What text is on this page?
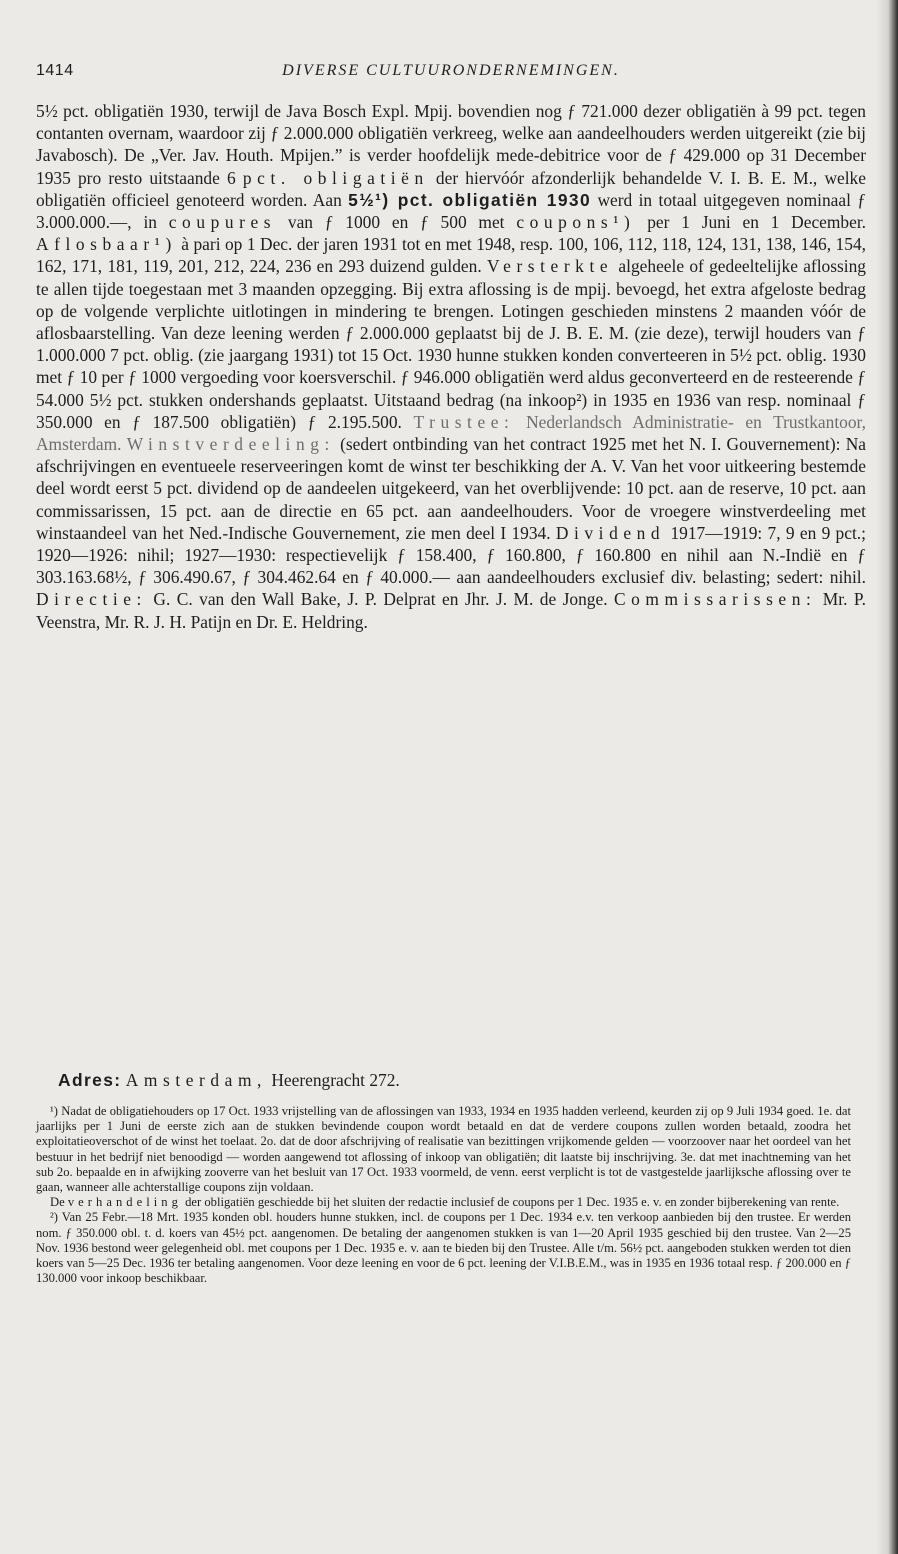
1414	DIVERSE CULTUURONDERNEMINGEN.

5½ pct. obligatiën 1930, terwijl de Java Bosch Expl. Mpij. bovendien nog ƒ 721.000 dezer obligatiën à 99 pct. tegen contanten overnam, waardoor zij ƒ 2.000.000 obligatiën verkreeg, welke aan aandeelhouders werden uitgereikt (zie bij Javabosch). De „Ver. Jav. Houth. Mpijen.” is verder hoofdelijk mede-debitrice voor de ƒ 429.000 op 31 December 1935 pro resto uitstaande 6 pct. obligatiën der hiervóór afzonderlijk behandelde V. I. B. E. M., welke obligatiën officieel genoteerd worden. Aan 5½¹) pct. obligatiën 1930 werd in totaal uitgegeven nominaal ƒ 3.000.000.—, in coupures van ƒ 1000 en ƒ 500 met coupons¹) per 1 Juni en 1 December. Aflosbaar¹) à pari op 1 Dec. der jaren 1931 tot en met 1948, resp. 100, 106, 112, 118, 124, 131, 138, 146, 154, 162, 171, 181, 119, 201, 212, 224, 236 en 293 duizend gulden. Versterkte algeheele of gedeeltelijke aflossing te allen tijde toegestaan met 3 maanden opzegging. Bij extra aflossing is de mpij. bevoegd, het extra afgeloste bedrag op de volgende verplichte uitlotingen in mindering te brengen. Lotingen geschieden minstens 2 maanden vóór de aflosbaarstelling. Van deze leening werden ƒ 2.000.000 geplaatst bij de J. B. E. M. (zie deze), terwijl houders van ƒ 1.000.000 7 pct. oblig. (zie jaargang 1931) tot 15 Oct. 1930 hunne stukken konden converteeren in 5½ pct. oblig. 1930 met ƒ 10 per ƒ 1000 vergoeding voor koersverschil. ƒ 946.000 obligatiën werd aldus geconverteerd en de resteerende ƒ 54.000 5½ pct. stukken ondershands geplaatst. Uitstaand bedrag (na inkoop²) in 1935 en 1936 van resp. nominaal ƒ 350.000 en ƒ 187.500 obligatiën) ƒ 2.195.500. Trustee: Nederlandsch Administratie- en Trustkantoor, Amsterdam. Winstverdeeling: (sedert ontbinding van het contract 1925 met het N. I. Gouvernement): Na afschrijvingen en eventueele reserveeringen komt de winst ter beschikking der A. V. Van het voor uitkeering bestemde deel wordt eerst 5 pct. dividend op de aandeelen uitgekeerd, van het overblijvende: 10 pct. aan de reserve, 10 pct. aan commissarissen, 15 pct. aan de directie en 65 pct. aan aandeelhouders. Voor de vroegere winstverdeeling met winstaandeel van het Ned.-Indische Gouvernement, zie men deel I 1934. Dividend 1917—1919: 7, 9 en 9 pct.; 1920—1926: nihil; 1927—1930: respectievelijk ƒ 158.400, ƒ 160.800, ƒ 160.800 en nihil aan N.-Indië en ƒ 303.163.68½, ƒ 306.490.67, ƒ 304.462.64 en ƒ 40.000.— aan aandeelhouders exclusief div. belasting; sedert: nihil. Directie: G. C. van den Wall Bake, J. P. Delprat en Jhr. J. M. de Jonge. Commissarissen: Mr. P. Veenstra, Mr. R. J. H. Patijn en Dr. E. Heldring.

Adres: Amsterdam, Heerengracht 272.

¹) Nadat de obligatiehouders op 17 Oct. 1933 vrijstelling van de aflossingen van 1933, 1934 en 1935 hadden verleend, keurden zij op 9 Juli 1934 goed. 1e. dat jaarlijks per 1 Juni de eerste zich aan de stukken bevindende coupon wordt betaald en dat de verdere coupons zullen worden betaald, zoodra het exploitatieoverschot of de winst het toelaat. 2o. dat de door afschrijving of realisatie van bezittingen vrijkomende gelden — voorzoover naar het oordeel van het bestuur in het bedrijf niet benoodigd — worden aangewend tot aflossing of inkoop van obligatiën; dit laatste bij inschrijving. 3e. dat met inachtneming van het sub 2o. bepaalde en in afwijking zooverre van het besluit van 17 Oct. 1933 voormeld, de venn. eerst verplicht is tot de vastgestelde jaarlijksche aflossing over te gaan, wanneer alle achterstallige coupons zijn voldaan.

De verhandeling der obligatiën geschiedde bij het sluiten der redactie inclusief de coupons per 1 Dec. 1935 e. v. en zonder bijberekening van rente.

²) Van 25 Febr.—18 Mrt. 1935 konden obl. houders hunne stukken, incl. de coupons per 1 Dec. 1934 e.v. ten verkoop aanbieden bij den trustee. Er werden nom. ƒ 350.000 obl. t. d. koers van 45½ pct. aangenomen. De betaling der aangenomen stukken is van 1—20 April 1935 geschied bij den trustee. Van 2—25 Nov. 1936 bestond weer gelegenheid obl. met coupons per 1 Dec. 1935 e. v. aan te bieden bij den Trustee. Alle t/m. 56½ pct. aangeboden stukken werden tot dien koers van 5—25 Dec. 1936 ter betaling aangenomen. Voor deze leening en voor de 6 pct. leening der V.I.B.E.M., was in 1935 en 1936 totaal resp. ƒ 200.000 en ƒ 130.000 voor inkoop beschikbaar.
